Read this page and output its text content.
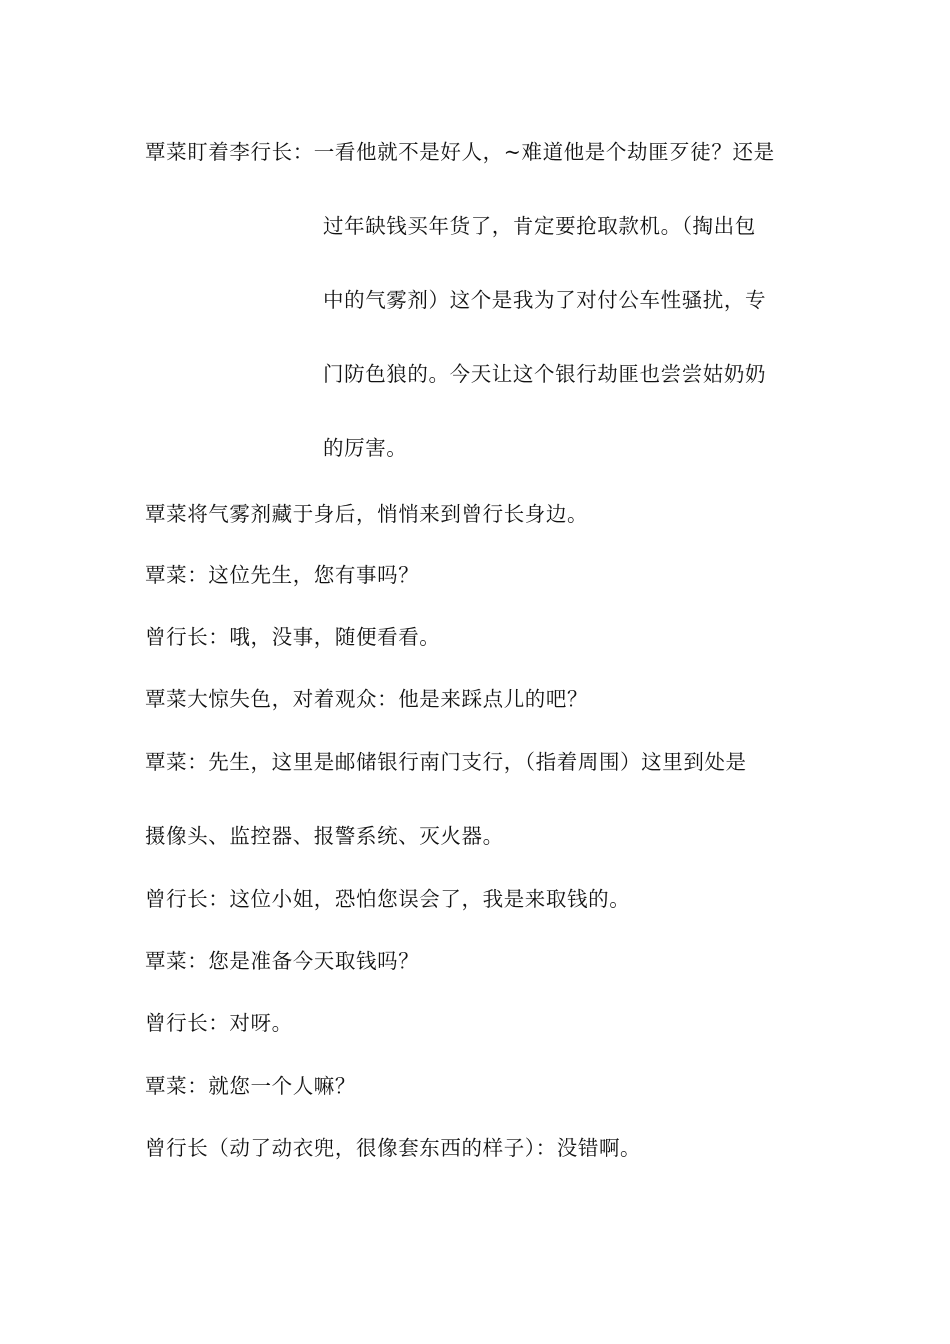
覃菜盯着李行长：一看他就不是好人，~难道他是个劫匪歹徒？还是
过年缺钱买年货了，肯定要抢取款机。（掏出包
中的气雾剂）这个是我为了对付公车性骚扰，专
门防色狼的。今天让这个银行劫匪也尝尝姑奶奶
的厉害。
覃菜将气雾剂藏于身后，悄悄来到曾行长身边。
覃菜：这位先生，您有事吗？
曾行长：哦，没事，随便看看。
覃菜大惊失色，对着观众：他是来踩点儿的吧？
覃菜：先生，这里是邮储银行南门支行，（指着周围）这里到处是
摄像头、监控器、报警系统、灭火器。
曾行长：这位小姐，恐怕您误会了，我是来取钱的。
覃菜：您是准备今天取钱吗？
曾行长：对呀。
覃菜：就您一个人嘛？
曾行长（动了动衣兜，很像套东西的样子）：没错啊。
